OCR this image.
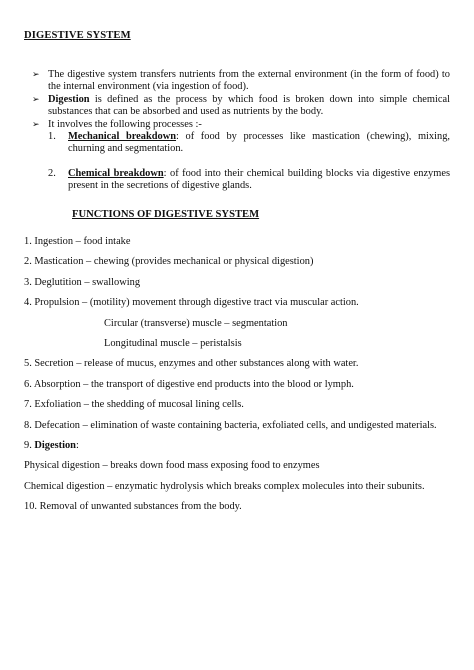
DIGESTIVE SYSTEM
➢ The digestive system transfers nutrients from the external environment (in the form of food) to the internal environment (via ingestion of food).
➢ Digestion is defined as the process by which food is broken down into simple chemical substances that can be absorbed and used as nutrients by the body.
➢ It involves the following processes :-
1. Mechanical breakdown: of food by processes like mastication (chewing), mixing, churning and segmentation.
2. Chemical breakdown: of food into their chemical building blocks via digestive enzymes present in the secretions of digestive glands.
FUNCTIONS OF DIGESTIVE SYSTEM
1. Ingestion – food intake
2. Mastication – chewing (provides mechanical or physical digestion)
3. Deglutition – swallowing
4. Propulsion – (motility) movement through digestive tract via muscular action.
Circular (transverse) muscle – segmentation
Longitudinal muscle – peristalsis
5. Secretion – release of mucus, enzymes and other substances along with water.
6. Absorption – the transport of digestive end products into the blood or lymph.
7. Exfoliation – the shedding of mucosal lining cells.
8. Defecation – elimination of waste containing bacteria, exfoliated cells, and undigested materials.
9. Digestion:
Physical digestion – breaks down food mass exposing food to enzymes
Chemical digestion – enzymatic hydrolysis which breaks complex molecules into their subunits.
10. Removal of unwanted substances from the body.
